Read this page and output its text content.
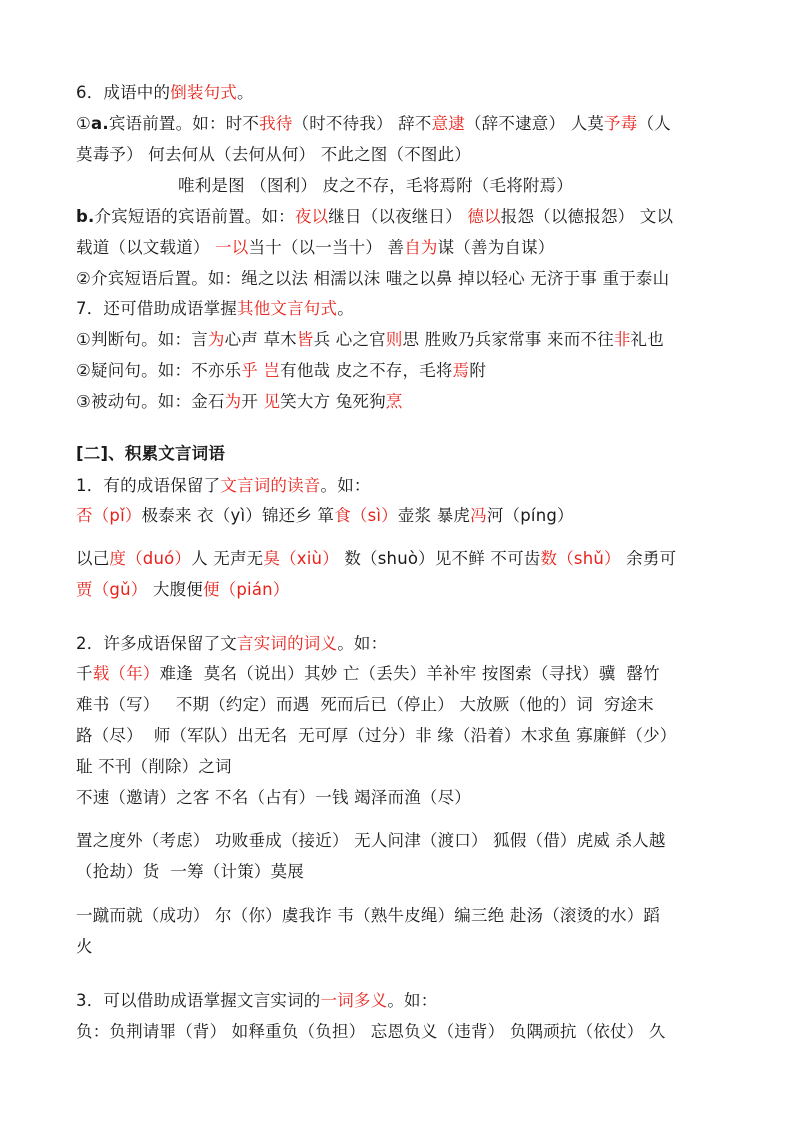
6．成语中的倒装句式。
①a.宾语前置。如：时不我待（时不待我） 辞不意逮（辞不逮意） 人莫予毒（人
莫毒予） 何去何从（去何从何） 不此之图（不图此）
唯利是图 （图利） 皮之不存，毛将焉附（毛将附焉）
b.介宾短语的宾语前置。如：夜以继日（以夜继日） 德以报怨（以德报怨） 文以
载道（以文载道） 一以当十（以一当十） 善自为谋（善为自谋）
②介宾短语后置。如：绳之以法 相濡以沫 嗤之以鼻 掉以轻心 无济于事 重于泰山
7．还可借助成语掌握其他文言句式。
①判断句。如：言为心声 草木皆兵 心之官则思 胜败乃兵家常事 来而不往非礼也
②疑问句。如：不亦乐乎 岂有他哉 皮之不存，毛将焉附
③被动句。如：金石为开 见笑大方 兔死狗烹
[二]、积累文言词语
1．有的成语保留了文言词的读音。如：
否（pǐ）极泰来 衣（yì）锦还乡 箪食（sì）壶浆 暴虎冯河（píng）
以己度（duó）人 无声无臭（xiù） 数（shuò）见不鲜 不可齿数（shǔ） 余勇可
贾（gǔ） 大腹便便（pián）
2．许多成语保留了文言实词的词义。如：
千载（年）难逢  莫名（说出）其妙 亡（丢失）羊补牢 按图索（寻找）骥  罄竹
难书（写）   不期（约定）而遇  死而后已（停止） 大放厥（他的）词  穷途末
路（尽）  师（军队）出无名  无可厚（过分）非 缘（沿着）木求鱼 寡廉鲜（少）
耻 不刊（削除）之词
不速（邀请）之客 不名（占有）一钱 竭泽而渔（尽）
置之度外（考虑） 功败垂成（接近） 无人问津（渡口） 狐假（借）虎威 杀人越
（抢劫）货  一筹（计策）莫展
一蹴而就（成功） 尔（你）虞我诈 韦（熟牛皮绳）编三绝 赴汤（滚烫的水）蹈
火
3．可以借助成语掌握文言实词的一词多义。如：
负：负荆请罪（背） 如释重负（负担） 忘恩负义（违背） 负隅顽抗（依仗） 久
